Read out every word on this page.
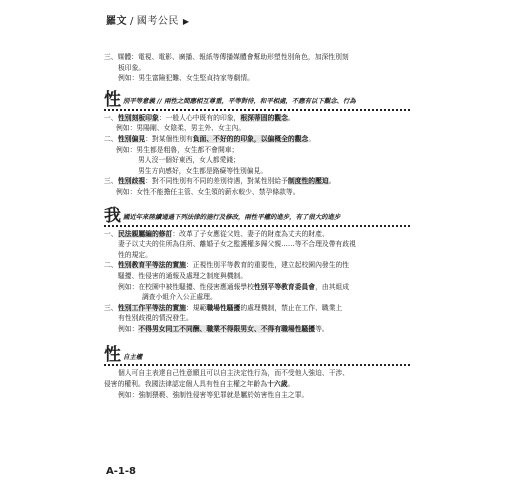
羅文 / 國考公民 ▶

三、媒體：電視、電影、廣播、報紙等傳播媒體會幫助形塑性別角色，加深性別刻

板印象。

例如：男生富險犯難、女生堅貞持家等劇情。

性 別平等意義 // 兩性之間應相互尊重，平等對待，和平相處，不應有以下觀念、行為

一、性別刻板印象：一般人心中既有的印象，根深蒂固的觀念。

例如：男陽剛、女陰柔、男主外、女主內。

二、性別偏見：對某個性別有負面、不好的的印象，以偏概全的觀念。

例如：男生都是粗魯，女生都不會開車；

男人沒一個好東西，女人都愛錢；

男生方向感好，女生都是路癡等性別偏見。

三、性別歧視：對不同性別有不同的差別待遇，對某性別給予制度性的壓迫。

例如：女性不能擔任主管、女生領的薪水較少、禁孕條款等。

我 國近年來陸續通過下列法律的施行及修改，兩性平權的進步，有了很大的進步

一、民法親屬編的修訂：改革了子女應從父姓、妻子的財產為丈夫的財產、

妻子以丈夫的住所為住所、離婚子女之監護權多歸父親……等不合理及帶有歧視

性的規定。

二、性別教育平等法的實施：正視性別平等教育的重要性，建立起校園內發生的性

騷擾、性侵害的通報及處理之制度與機制。

例如：在校園中被性騷擾、性侵害應通報學校性別平等教育委員會，由其組成

調查小組介入公正處理。

三、性別工作平等法的實施：規範職場性騷擾的處理機制，禁止在工作、職業上

有性別歧視的情況發生。

例如：不得男女同工不同酬、職業不得限男女、不得有職場性騷擾等。

性 自主權

個人可自主表達自己性意願且可以自主決定性行為，而不受他人強迫、干涉、

侵害的權利。我國法律認定個人具有性自主權之年齡為十六歲。

例如：強制猥褻、強制性侵害等犯罪就是屬於妨害性自主之罪。

A-1-8
